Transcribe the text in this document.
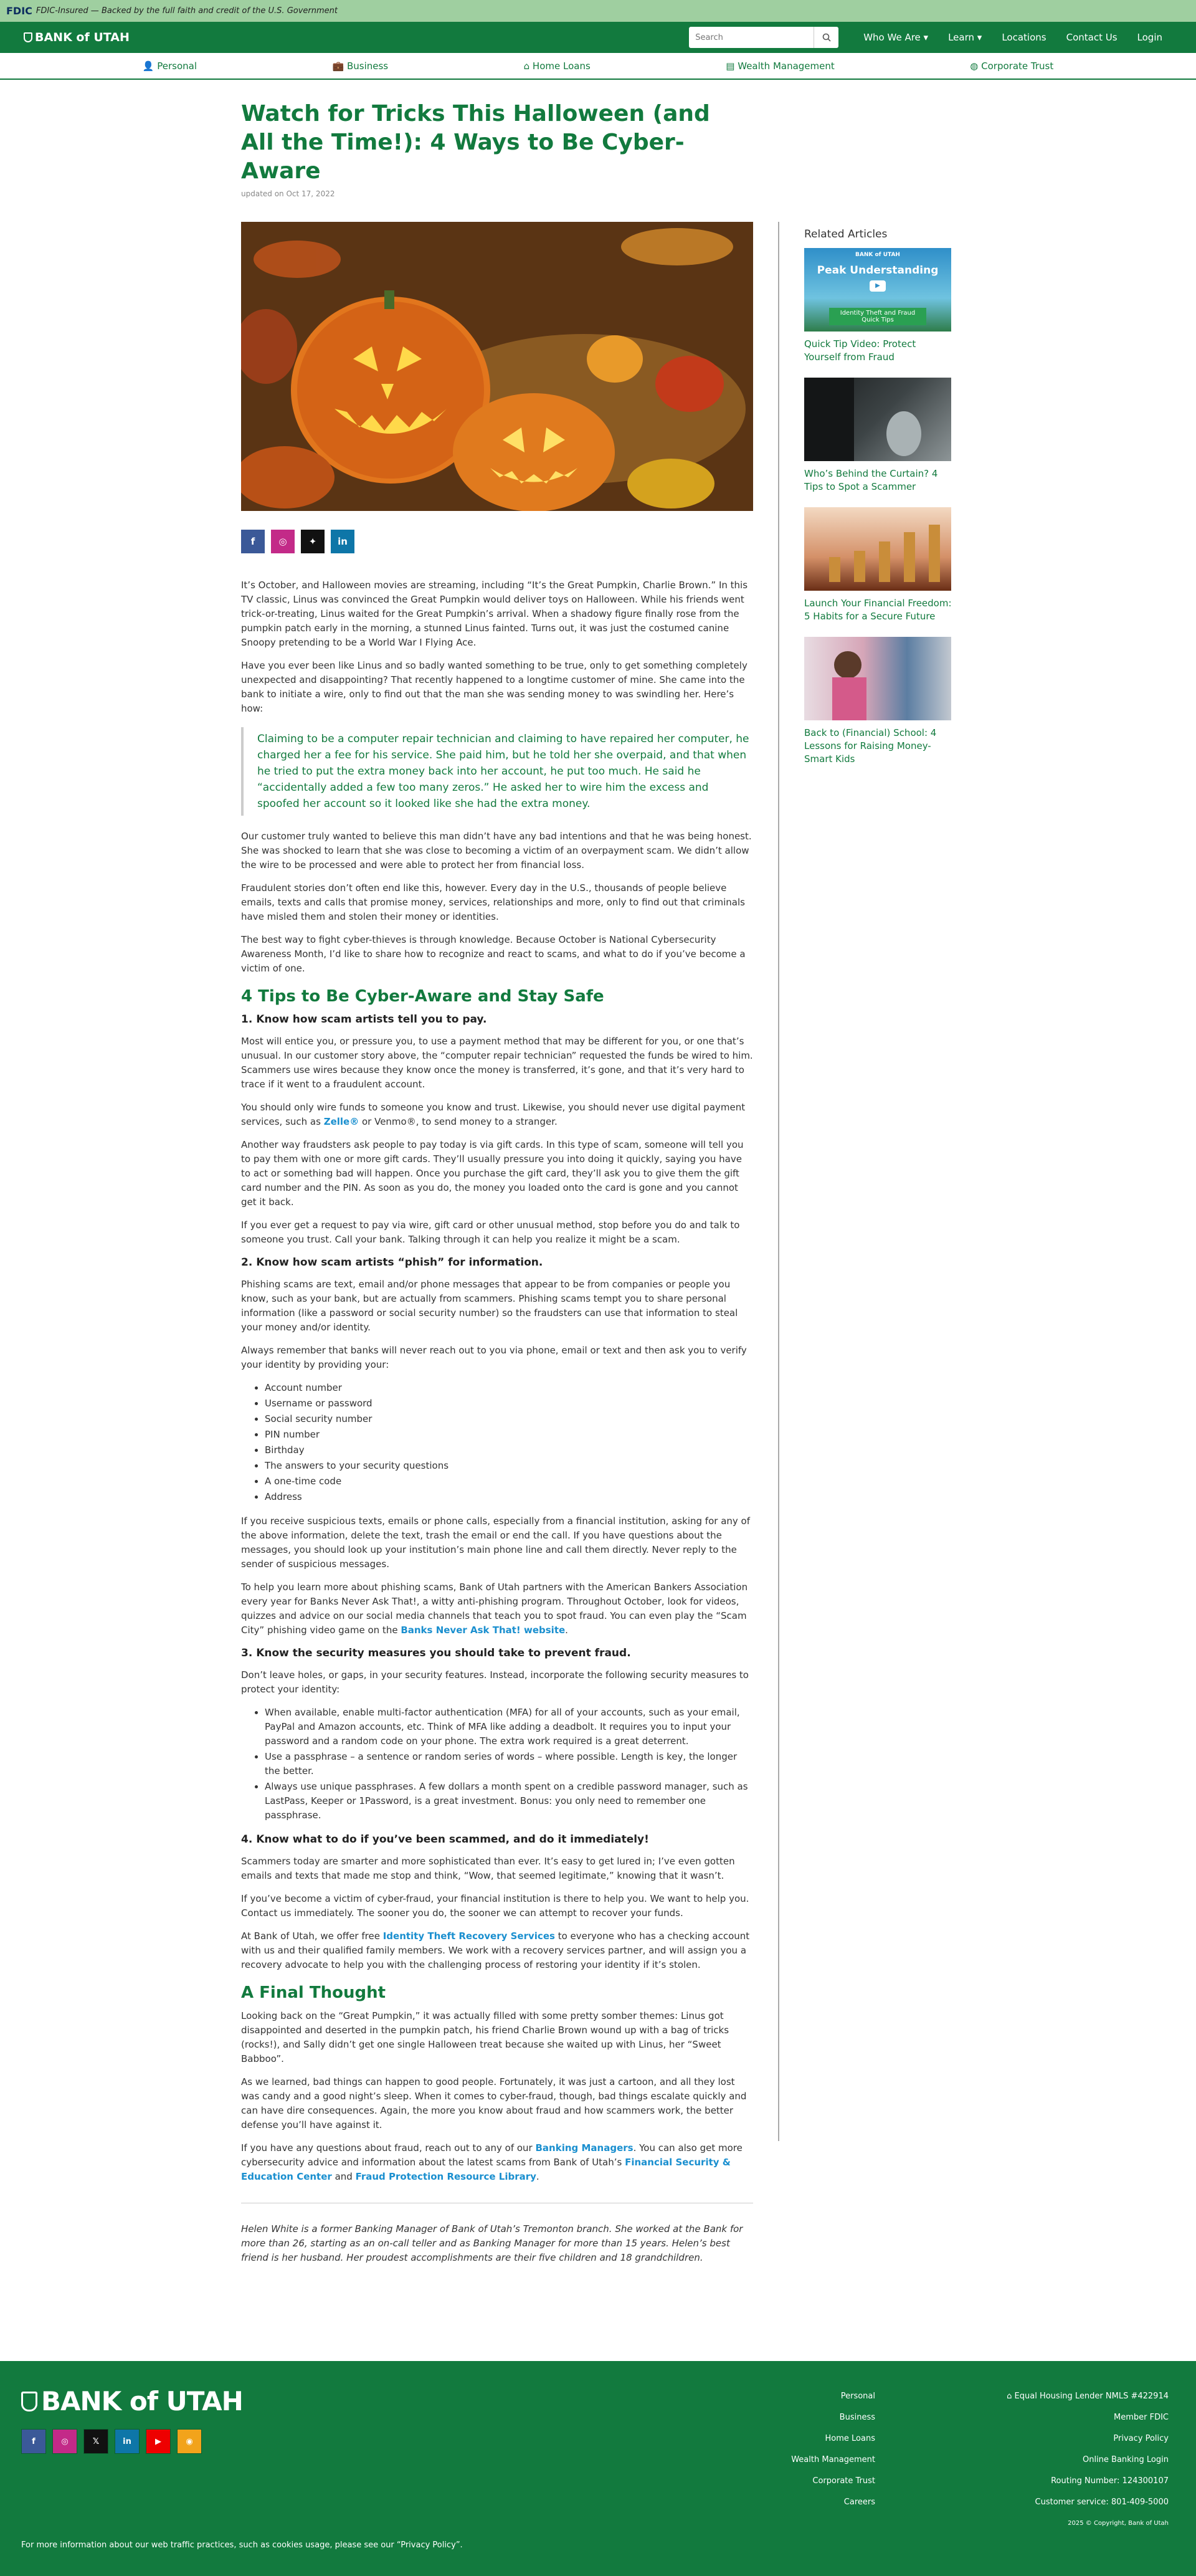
FDIC FDIC-Insured — Backed by the full faith and credit of the U.S. Government
BANK of UTAH
Search	Who We Are ▾ Learn ▾ Locations Contact Us Login
👤 Personal	💼 Business	⌂ Home Loans	▤ Wealth Management	◍ Corporate Trust
Watch for Tricks This Halloween (and All the Time!): 4 Ways to Be Cyber-Aware
updated on Oct 17, 2022
f	◎	✦	in

It’s October, and Halloween movies are streaming, including “It’s the Great Pumpkin, Charlie Brown.” In this TV classic, Linus was convinced the Great Pumpkin would deliver toys on Halloween. While his friends went trick-or-treating, Linus waited for the Great Pumpkin’s arrival. When a shadowy figure finally rose from the pumpkin patch early in the morning, a stunned Linus fainted. Turns out, it was just the costumed canine Snoopy pretending to be a World War I Flying Ace.

Have you ever been like Linus and so badly wanted something to be true, only to get something completely unexpected and disappointing? That recently happened to a longtime customer of mine. She came into the bank to initiate a wire, only to find out that the man she was sending money to was swindling her. Here’s how:

Claiming to be a computer repair technician and claiming to have repaired her computer, he charged her a fee for his service. She paid him, but he told her she overpaid, and that when he tried to put the extra money back into her account, he put too much. He said he “accidentally added a few too many zeros.” He asked her to wire him the excess and spoofed her account so it looked like she had the extra money.

Our customer truly wanted to believe this man didn’t have any bad intentions and that he was being honest. She was shocked to learn that she was close to becoming a victim of an overpayment scam. We didn’t allow the wire to be processed and were able to protect her from financial loss.

Fraudulent stories don’t often end like this, however. Every day in the U.S., thousands of people believe emails, texts and calls that promise money, services, relationships and more, only to find out that criminals have misled them and stolen their money or identities.

The best way to fight cyber-thieves is through knowledge. Because October is National Cybersecurity Awareness Month, I’d like to share how to recognize and react to scams, and what to do if you’ve become a victim of one.

4 Tips to Be Cyber-Aware and Stay Safe
1. Know how scam artists tell you to pay.

Most will entice you, or pressure you, to use a payment method that may be different for you, or one that’s unusual. In our customer story above, the “computer repair technician” requested the funds be wired to him. Scammers use wires because they know once the money is transferred, it’s gone, and that it’s very hard to trace if it went to a fraudulent account.

You should only wire funds to someone you know and trust. Likewise, you should never use digital payment services, such as Zelle® or Venmo®, to send money to a stranger.

Another way fraudsters ask people to pay today is via gift cards. In this type of scam, someone will tell you to pay them with one or more gift cards. They’ll usually pressure you into doing it quickly, saying you have to act or something bad will happen. Once you purchase the gift card, they’ll ask you to give them the gift card number and the PIN. As soon as you do, the money you loaded onto the card is gone and you cannot get it back.

If you ever get a request to pay via wire, gift card or other unusual method, stop before you do and talk to someone you trust. Call your bank. Talking through it can help you realize it might be a scam.

2. Know how scam artists “phish” for information.

Phishing scams are text, email and/or phone messages that appear to be from companies or people you know, such as your bank, but are actually from scammers. Phishing scams tempt you to share personal information (like a password or social security number) so the fraudsters can use that information to steal your money and/or identity.

Always remember that banks will never reach out to you via phone, email or text and then ask you to verify your identity by providing your:

• Account number
• Username or password
• Social security number
• PIN number
• Birthday
• The answers to your security questions
• A one-time code
• Address

If you receive suspicious texts, emails or phone calls, especially from a financial institution, asking for any of the above information, delete the text, trash the email or end the call. If you have questions about the messages, you should look up your institution’s main phone line and call them directly. Never reply to the sender of suspicious messages.

To help you learn more about phishing scams, Bank of Utah partners with the American Bankers Association every year for Banks Never Ask That!, a witty anti-phishing program. Throughout October, look for videos, quizzes and advice on our social media channels that teach you to spot fraud. You can even play the “Scam City” phishing video game on the Banks Never Ask That! website.

3. Know the security measures you should take to prevent fraud.

Don’t leave holes, or gaps, in your security features. Instead, incorporate the following security measures to protect your identity:

• When available, enable multi-factor authentication (MFA) for all of your accounts, such as your email, PayPal and Amazon accounts, etc. Think of MFA like adding a deadbolt. It requires you to input your password and a random code on your phone. The extra work required is a great deterrent.
• Use a passphrase – a sentence or random series of words – where possible. Length is key, the longer the better.
• Always use unique passphrases. A few dollars a month spent on a credible password manager, such as LastPass, Keeper or 1Password, is a great investment. Bonus: you only need to remember one passphrase.
4. Know what to do if you’ve been scammed, and do it immediately!

Scammers today are smarter and more sophisticated than ever. It’s easy to get lured in; I’ve even gotten emails and texts that made me stop and think, “Wow, that seemed legitimate,” knowing that it wasn’t.

If you’ve become a victim of cyber-fraud, your financial institution is there to help you. We want to help you. Contact us immediately. The sooner you do, the sooner we can attempt to recover your funds.

At Bank of Utah, we offer free Identity Theft Recovery Services to everyone who has a checking account with us and their qualified family members. We work with a recovery services partner, and will assign you a recovery advocate to help you with the challenging process of restoring your identity if it’s stolen.

A Final Thought

Looking back on the “Great Pumpkin,” it was actually filled with some pretty somber themes: Linus got disappointed and deserted in the pumpkin patch, his friend Charlie Brown wound up with a bag of tricks (rocks!), and Sally didn’t get one single Halloween treat because she waited up with Linus, her “Sweet Babboo”.

As we learned, bad things can happen to good people. Fortunately, it was just a cartoon, and all they lost was candy and a good night’s sleep. When it comes to cyber-fraud, though, bad things escalate quickly and can have dire consequences. Again, the more you know about fraud and how scammers work, the better defense you’ll have against it.

If you have any questions about fraud, reach out to any of our Banking Managers. You can also get more cybersecurity advice and information about the latest scams from Bank of Utah’s Financial Security & Education Center and Fraud Protection Resource Library.

Helen White is a former Banking Manager of Bank of Utah’s Tremonton branch. She worked at the Bank for more than 26, starting as an on-call teller and as Banking Manager for more than 15 years. Helen’s best friend is her husband. Her proudest accomplishments are their five children and 18 grandchildren.

Related Articles
BANK of UTAH
Peak Understanding
▶
Identity Theft and Fraud Quick Tips
Quick Tip Video: Protect Yourself from Fraud
Who’s Behind the Curtain? 4 Tips to Spot a Scammer
Launch Your Financial Freedom: 5 Habits for a Secure Future
Back to (Financial) School: 4 Lessons for Raising Money-Smart Kids
BANK of UTAH
f	◎	𝕏	in	▶	◉
Personal
Business
Home Loans
Wealth Management
Corporate Trust
Careers
⌂ Equal Housing Lender NMLS #422914
Member FDIC
Privacy Policy
Online Banking Login
Routing Number: 124300107
Customer service: 801-409-5000
2025 © Copyright, Bank of Utah
For more information about our web traffic practices, such as cookies usage, please see our “Privacy Policy”.
